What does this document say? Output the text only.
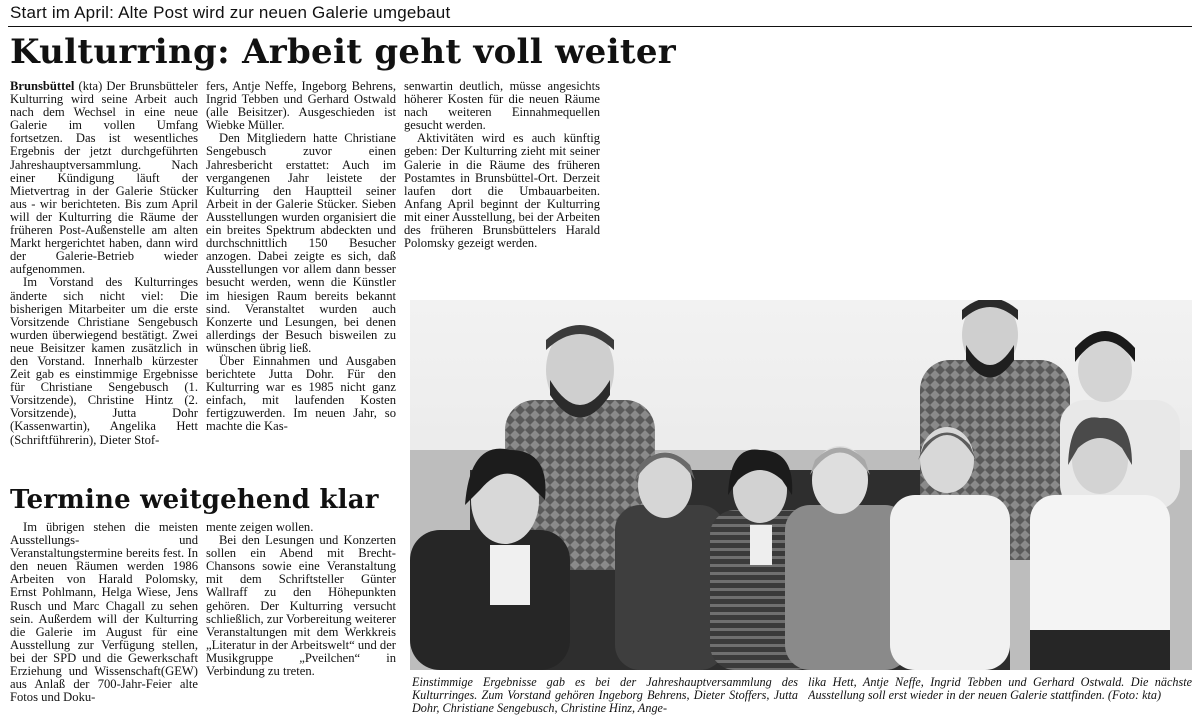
Start im April: Alte Post wird zur neuen Galerie umgebaut
Kulturring: Arbeit geht voll weiter

Brunsbüttel (kta) Der Brunsbütteler Kulturring wird seine Arbeit auch nach dem Wechsel in eine neue Galerie im vollen Umfang fortsetzen. Das ist wesentliches Ergebnis der jetzt durchgeführten Jahreshauptversammlung. Nach einer Kündigung läuft der Mietvertrag in der Galerie Stücker aus - wir berichteten. Bis zum April will der Kulturring die Räume der früheren Post-Außenstelle am alten Markt hergerichtet haben, dann wird der Galerie-Betrieb wieder aufgenommen.

Im Vorstand des Kulturringes änderte sich nicht viel: Die bisherigen Mitarbeiter um die erste Vorsitzende Christiane Sengebusch wurden überwiegend bestätigt. Zwei neue Beisitzer kamen zusätzlich in den Vorstand. Innerhalb kürzester Zeit gab es einstimmige Ergebnisse für Christiane Sengebusch (1. Vorsitzende), Christine Hintz (2. Vorsitzende), Jutta Dohr (Kassenwartin), Angelika Hett (Schriftführerin), Dieter Stof-

fers, Antje Neffe, Ingeborg Behrens, Ingrid Tebben und Gerhard Ostwald (alle Beisitzer). Ausgeschieden ist Wiebke Müller.

Den Mitgliedern hatte Christiane Sengebusch zuvor einen Jahresbericht erstattet: Auch im vergangenen Jahr leistete der Kulturring den Hauptteil seiner Arbeit in der Galerie Stücker. Sieben Ausstellungen wurden organisiert die ein breites Spektrum abdeckten und durchschnittlich 150 Besucher anzogen. Dabei zeigte es sich, daß Ausstellungen vor allem dann besser besucht werden, wenn die Künstler im hiesigen Raum bereits bekannt sind. Veranstaltet wurden auch Konzerte und Lesungen, bei denen allerdings der Besuch bisweilen zu wünschen übrig ließ.

Über Einnahmen und Ausgaben berichtete Jutta Dohr. Für den Kulturring war es 1985 nicht ganz einfach, mit laufenden Kosten fertigzuwerden. Im neuen Jahr, so machte die Kas-

senwartin deutlich, müsse angesichts höherer Kosten für die neuen Räume nach weiteren Einnahmequellen gesucht werden.

Aktivitäten wird es auch künftig geben: Der Kulturring zieht mit seiner Galerie in die Räume des früheren Postamtes in Brunsbüttel-Ort. Derzeit laufen dort die Umbauarbeiten. Anfang April beginnt der Kulturring mit einer Ausstellung, bei der Arbeiten des früheren Brunsbüttelers Harald Polomsky gezeigt werden.

Termine weitgehend klar

Im übrigen stehen die meisten Ausstellungs- und Veranstaltungstermine bereits fest. In den neuen Räumen werden 1986 Arbeiten von Harald Polomsky, Ernst Pohlmann, Helga Wiese, Jens Rusch und Marc Chagall zu sehen sein. Außerdem will der Kulturring die Galerie im August für eine Ausstellung zur Verfügung stellen, bei der SPD und die Gewerkschaft Erziehung und Wissenschaft(GEW) aus Anlaß der 700-Jahr-Feier alte Fotos und Doku-

mente zeigen wollen.

Bei den Lesungen und Konzerten sollen ein Abend mit Brecht-Chansons sowie eine Veranstaltung mit dem Schriftsteller Günter Wallraff zu den Höhepunkten gehören. Der Kulturring versucht schließlich, zur Vorbereitung weiterer Veranstaltungen mit dem Werkkreis „Literatur in der Arbeitswelt“ und der Musikgruppe „Pveilchen“ in Verbindung zu treten.

Einstimmige Ergebnisse gab es bei der Jahreshauptversammlung des Kulturringes. Zum Vorstand gehören Ingeborg Behrens, Dieter Stoffers, Jutta Dohr, Christiane Sengebusch, Christine Hinz, Ange-
lika Hett, Antje Neffe, Ingrid Tebben und Gerhard Ostwald. Die nächste Ausstellung soll erst wieder in der neuen Galerie stattfinden. (Foto: kta)
